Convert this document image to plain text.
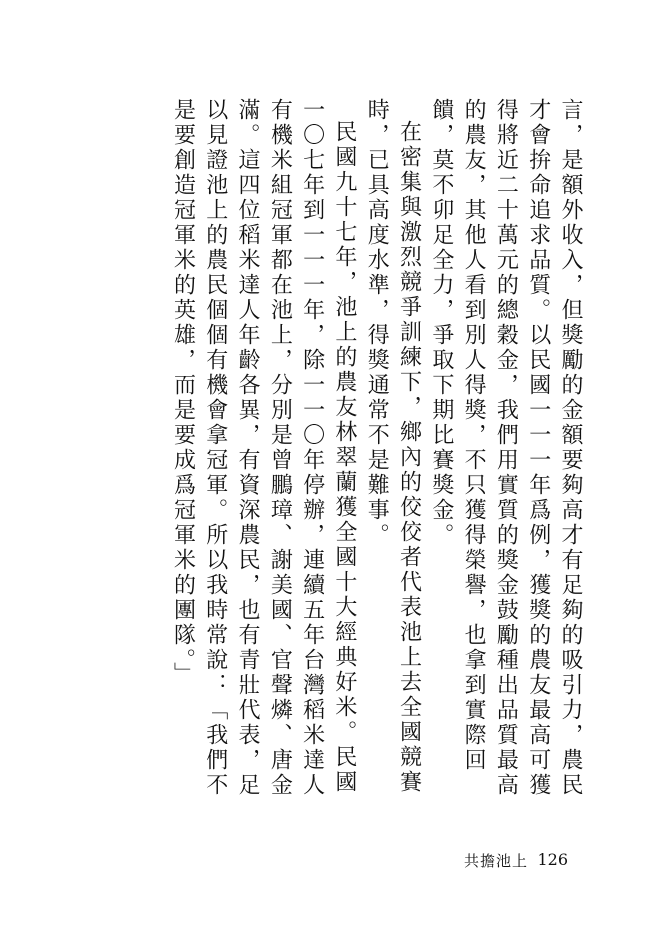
言，是額外收入，但獎勵的金額要夠高才有足夠的吸引力，農民才會拚命追求品質。以民國一一一年爲例，獲獎的農友最高可獲得將近二十萬元的總穀金，我們用實質的獎金鼓勵種出品質最高的農友，其他人看到別人得獎，不只獲得榮譽，也拿到實際回饋，莫不卯足全力，爭取下期比賽獎金。

在密集與激烈競爭訓練下，鄉內的佼佼者代表池上去全國競賽時，已具高度水準，得獎通常不是難事。

民國九十七年，池上的農友林翠蘭獲全國十大經典好米。民國一〇七年到一一一年，除一一〇年停辦，連續五年台灣稻米達人有機米組冠軍都在池上，分別是曾鵬璋、謝美國、官聲燐、唐金滿。這四位稻米達人年齡各異，有資深農民，也有青壯代表，足以見證池上的農民個個有機會拿冠軍。所以我時常說：「我們不是要創造冠軍米的英雄，而是要成爲冠軍米的團隊。」

共擔池上 126
